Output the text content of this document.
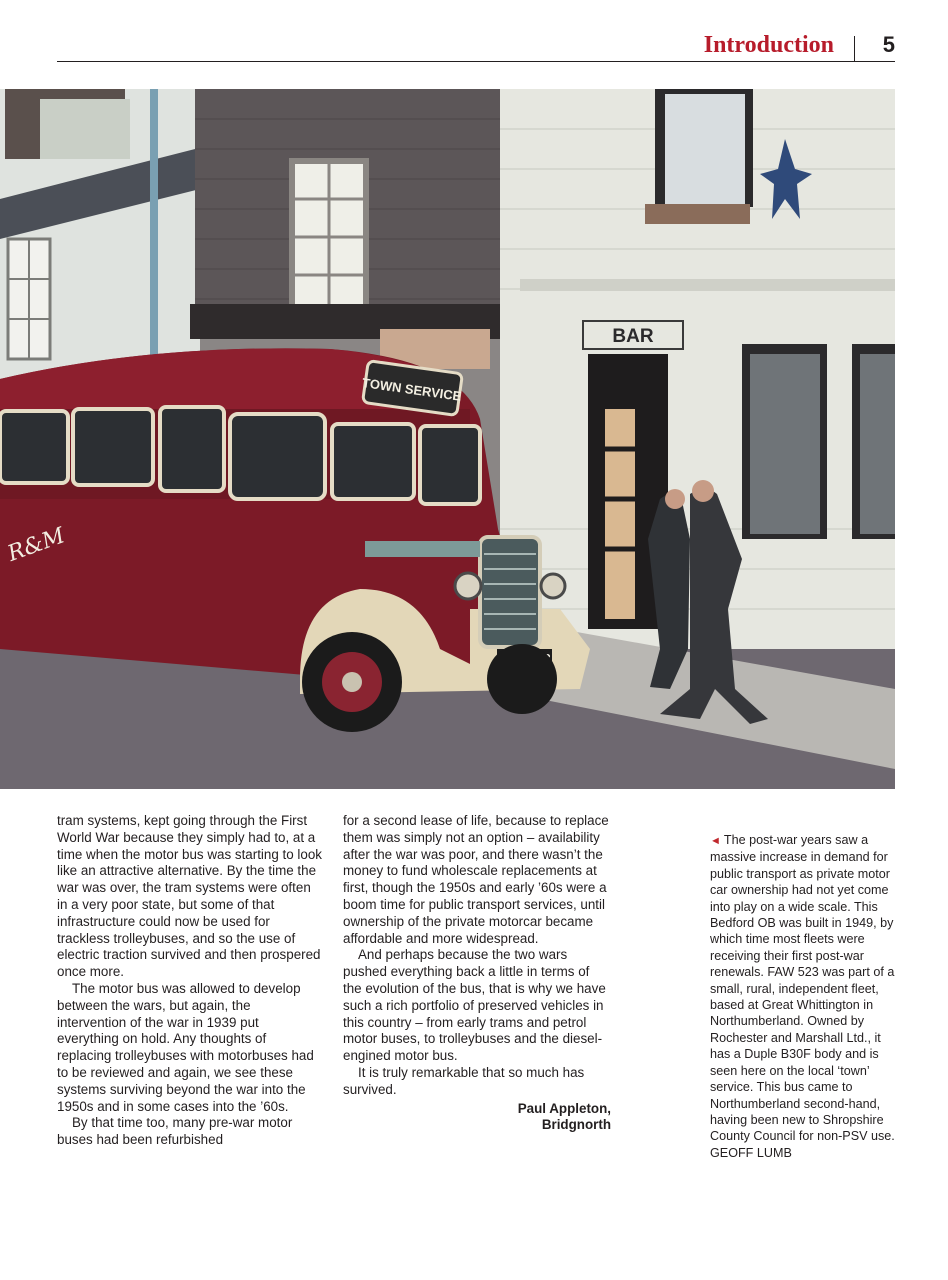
Introduction 5
BAR
TOWN SERVICE
R&M

tram systems, kept going through the First World War because they simply had to, at a time when the motor bus was starting to look like an attractive alternative. By the time the war was over, the tram systems were often in a very poor state, but some of that infrastructure could now be used for trackless trolleybuses, and so the use of electric traction survived and then prospered once more.

The motor bus was allowed to develop between the wars, but again, the intervention of the war in 1939 put everything on hold. Any thoughts of replacing trolleybuses with motorbuses had to be reviewed and again, we see these systems surviving beyond the war into the 1950s and in some cases into the ’60s.

By that time too, many pre-war motor buses had been refurbished

for a second lease of life, because to replace them was simply not an option – availability after the war was poor, and there wasn’t the money to fund wholescale replacements at first, though the 1950s and early ’60s were a boom time for public transport services, until ownership of the private motorcar became affordable and more widespread.

And perhaps because the two wars pushed everything back a little in terms of the evolution of the bus, that is why we have such a rich portfolio of preserved vehicles in this country – from early trams and petrol motor buses, to trolleybuses and the diesel-engined motor bus.

It is truly remarkable that so much has survived.

Paul Appleton,
Bridgnorth
◄ The post-war years saw a massive increase in demand for public transport as private motor car ownership had not yet come into play on a wide scale. This Bedford OB was built in 1949, by which time most fleets were receiving their first post-war renewals. FAW 523 was part of a small, rural, independent fleet, based at Great Whittington in Northumberland. Owned by Rochester and Marshall Ltd., it has a Duple B30F body and is seen here on the local ‘town’ service. This bus came to Northumberland second-hand, having been new to Shropshire County Council for non-PSV use. GEOFF LUMB
